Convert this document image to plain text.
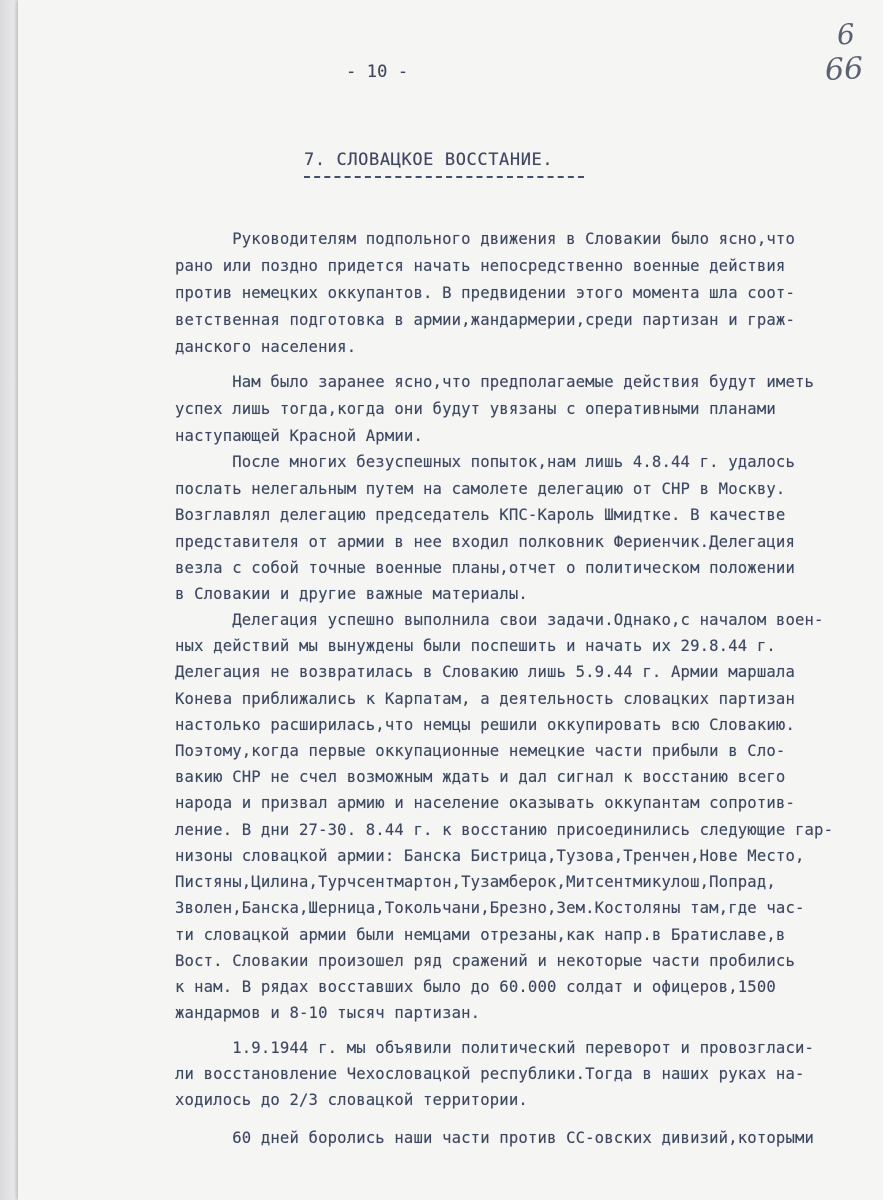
- 10 -
6
66
7. СЛОВАЦКОЕ ВОССТАНИЕ.
Руководителям подпольного движения в Словакии было ясно,что
рано или поздно придется начать непосредственно военные действия
против немецких оккупантов. В предвидении этого момента шла соот-
ветственная подготовка в армии,жандармерии,среди партизан и граж-
данского населения.
Нам было заранее ясно,что предполагаемые действия будут иметь
успех лишь тогда,когда они будут увязаны с оперативными планами
наступающей Красной Армии.
После многих безуспешных попыток,нам лишь 4.8.44 г. удалось
послать нелегальным путем на самолете делегацию от СНР в Москву.
Возглавлял делегацию председатель КПС-Кароль Шмидтке. В качестве
представителя от армии в нее входил полковник Фериенчик.Делегация
везла с собой точные военные планы,отчет о политическом положении
в Словакии и другие важные материалы.
Делегация успешно выполнила свои задачи.Однако,с началом воен-
ных действий мы вынуждены были поспешить и начать их 29.8.44 г.
Делегация не возвратилась в Словакию лишь 5.9.44 г. Армии маршала
Конева приближались к Карпатам, а деятельность словацких партизан
настолько расширилась,что немцы решили оккупировать всю Словакию.
Поэтому,когда первые оккупационные немецкие части прибыли в Сло-
вакию СНР не счел возможным ждать и дал сигнал к восстанию всего
народа и призвал армию и население оказывать оккупантам сопротив-
ление. В дни 27-30. 8.44 г. к восстанию присоединились следующие гар-
низоны словацкой армии: Банска Бистрица,Тузова,Тренчен,Нове Место,
Пистяны,Цилина,Турчсентмартон,Тузамберок,Митсентмикулош,Попрад,
Зволен,Банска,Шерница,Токольчани,Брезно,Зем.Костоляны там,где час-
ти словацкой армии были немцами отрезаны,как напр.в Братиславе,в
Вост. Словакии произошел ряд сражений и некоторые части пробились
к нам. В рядах восставших было до 60.000 солдат и офицеров,1500
жандармов и 8-10 тысяч партизан.
1.9.1944 г. мы объявили политический переворот и провозгласи-
ли восстановление Чехословацкой республики.Тогда в наших руках на-
ходилось до 2/3 словацкой территории.
60 дней боролись наши части против СС-овских дивизий,которыми
